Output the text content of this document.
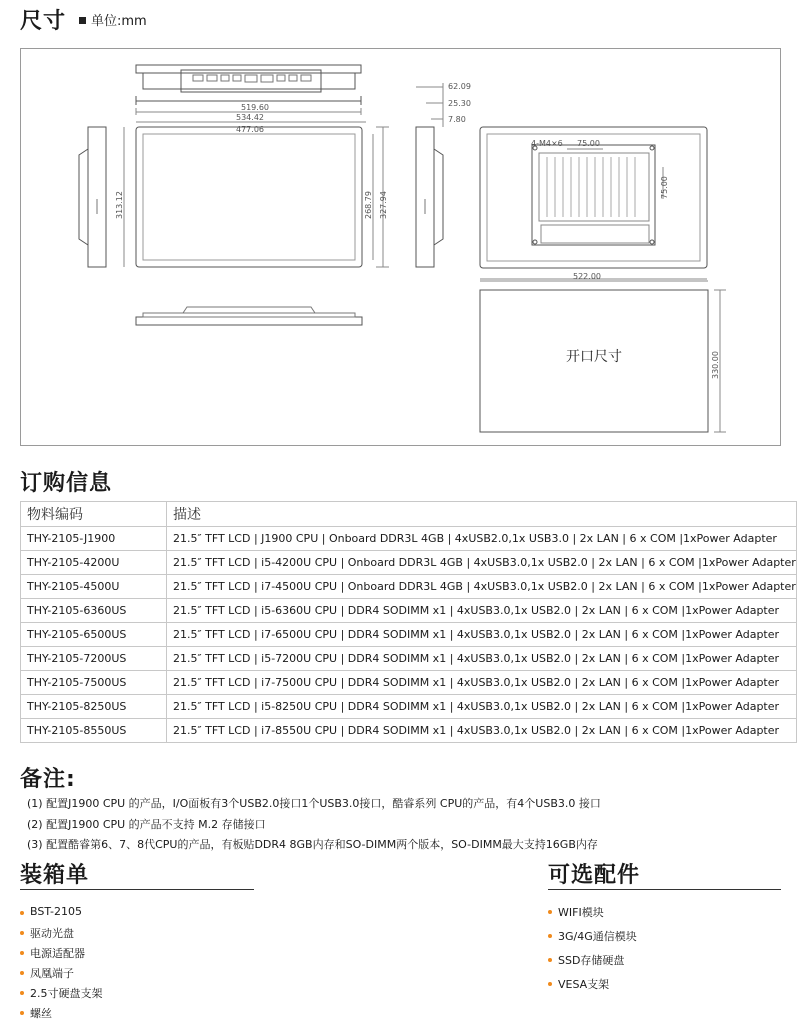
尺寸	单位:mm
519.60
534.42
477.06
62.09
25.30
7.80
4-M4×6 75.00
522.00
313.12	268.79 327.94
75.00
330.00
开口尺寸
订购信息
物料编码	描述
THY-2105-J1900	21.5″ TFT LCD | J1900 CPU | Onboard DDR3L 4GB | 4xUSB2.0,1x USB3.0 | 2x LAN | 6 x COM |1xPower Adapter
THY-2105-4200U	21.5″ TFT LCD | i5-4200U CPU | Onboard DDR3L 4GB | 4xUSB3.0,1x USB2.0 | 2x LAN | 6 x COM |1xPower Adapter
THY-2105-4500U	21.5″ TFT LCD | i7-4500U CPU | Onboard DDR3L 4GB | 4xUSB3.0,1x USB2.0 | 2x LAN | 6 x COM |1xPower Adapter
THY-2105-6360US	21.5″ TFT LCD | i5-6360U CPU | DDR4 SODIMM x1 | 4xUSB3.0,1x USB2.0 | 2x LAN | 6 x COM |1xPower Adapter
THY-2105-6500US	21.5″ TFT LCD | i7-6500U CPU | DDR4 SODIMM x1 | 4xUSB3.0,1x USB2.0 | 2x LAN | 6 x COM |1xPower Adapter
THY-2105-7200US	21.5″ TFT LCD | i5-7200U CPU | DDR4 SODIMM x1 | 4xUSB3.0,1x USB2.0 | 2x LAN | 6 x COM |1xPower Adapter
THY-2105-7500US	21.5″ TFT LCD | i7-7500U CPU | DDR4 SODIMM x1 | 4xUSB3.0,1x USB2.0 | 2x LAN | 6 x COM |1xPower Adapter
THY-2105-8250US	21.5″ TFT LCD | i5-8250U CPU | DDR4 SODIMM x1 | 4xUSB3.0,1x USB2.0 | 2x LAN | 6 x COM |1xPower Adapter
THY-2105-8550US	21.5″ TFT LCD | i7-8550U CPU | DDR4 SODIMM x1 | 4xUSB3.0,1x USB2.0 | 2x LAN | 6 x COM |1xPower Adapter
备注:
(1) 配置J1900 CPU 的产品，I/O面板有3个USB2.0接口1个USB3.0接口，酷睿系列 CPU的产品，有4个USB3.0 接口
(2) 配置J1900 CPU 的产品不支持 M.2 存储接口
(3) 配置酷睿第6、7、8代CPU的产品，有板贴DDR4 8GB内存和SO-DIMM两个版本，SO-DIMM最大支持16GB内存
装箱单
BST-2105
驱动光盘
电源适配器
凤凰端子
2.5寸硬盘支架
螺丝
可选配件
WIFI模块
3G/4G通信模块
SSD存储硬盘
VESA支架
